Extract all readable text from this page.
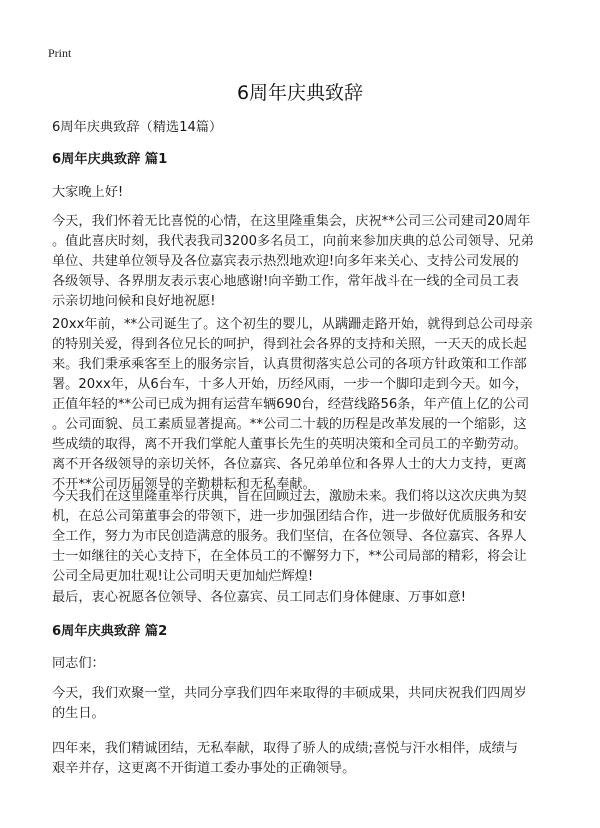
Print
6周年庆典致辞
6周年庆典致辞（精选14篇）
6周年庆典致辞 篇1
大家晚上好!
今天，我们怀着无比喜悦的心情，在这里隆重集会，庆祝**公司三公司建司20周年
。值此喜庆时刻，我代表我司3200多名员工，向前来参加庆典的总公司领导、兄弟
单位、共建单位领导及各位嘉宾表示热烈地欢迎!向多年来关心、支持公司发展的
各级领导、各界朋友表示衷心地感谢!向辛勤工作，常年战斗在一线的全司员工表
示亲切地问候和良好地祝愿!
20xx年前，**公司诞生了。这个初生的婴儿，从蹒跚走路开始，就得到总公司母亲
的特别关爱，得到各位兄长的呵护，得到社会各界的支持和关照，一天天的成长起
来。我们秉承乘客至上的服务宗旨，认真贯彻落实总公司的各项方针政策和工作部
署。20xx年，从6台车，十多人开始，历经风雨，一步一个脚印走到今天。如今，
正值年轻的**公司已成为拥有运营车辆690台，经营线路56条，年产值上亿的公司
。公司面貌、员工素质显著提高。**公司二十载的历程是改革发展的一个缩影，这
些成绩的取得，离不开我们掌舵人董事长先生的英明决策和全司员工的辛勤劳动。
离不开各级领导的亲切关怀，各位嘉宾、各兄弟单位和各界人士的大力支持，更离
不开**公司历届领导的辛勤耕耘和无私奉献。
今天我们在这里隆重举行庆典，旨在回顾过去，激励未来。我们将以这次庆典为契
机，在总公司第董事会的带领下，进一步加强团结合作，进一步做好优质服务和安
全工作，努力为市民创造满意的服务。我们坚信，在各位领导、各位嘉宾、各界人
士一如继往的关心支持下，在全体员工的不懈努力下，**公司局部的精彩，将会让
公司全局更加壮观!让公司明天更加灿烂辉煌!
最后，衷心祝愿各位领导、各位嘉宾、员工同志们身体健康、万事如意!
6周年庆典致辞 篇2
同志们：
今天，我们欢聚一堂，共同分享我们四年来取得的丰硕成果，共同庆祝我们四周岁
的生日。
四年来，我们精诚团结，无私奉献，取得了骄人的成绩;喜悦与汗水相伴，成绩与
艰辛并存，这更离不开街道工委办事处的正确领导。
